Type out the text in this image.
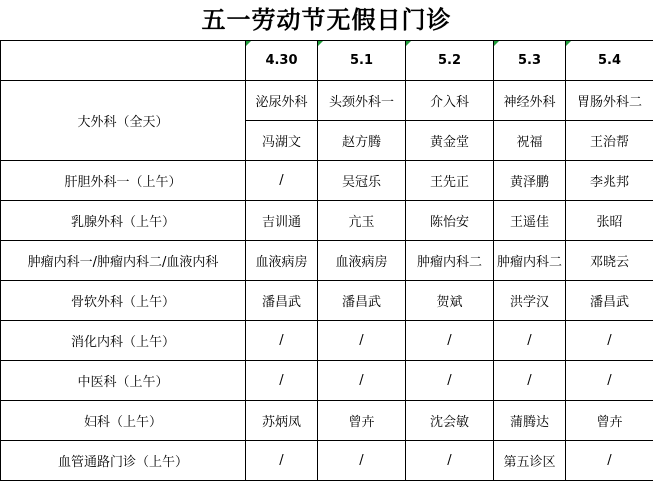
五一劳动节无假日门诊
	4.30	5.1	5.2	5.3	5.4
大外科（全天）	泌尿外科	头颈外科一	介入科	神经外科	胃肠外科二
	冯湖文	赵方腾	黄金堂	祝福	王治帮
肝胆外科一（上午）	/	吴冠乐	王先正	黄泽鹏	李兆邦
乳腺外科（上午）	吉训通	亢玉	陈怡安	王遥佳	张昭
肿瘤内科一/肿瘤内科二/血液内科	血液病房	血液病房	肿瘤内科二	肿瘤内科二	邓晓云
骨软外科（上午）	潘昌武	潘昌武	贺斌	洪学汉	潘昌武
消化内科（上午）	/	/	/	/	/
中医科（上午）	/	/	/	/	/
妇科（上午）	苏炳凤	曾卉	沈会敏	蒲腾达	曾卉
血管通路门诊（上午）	/	/	/	第五诊区	/
